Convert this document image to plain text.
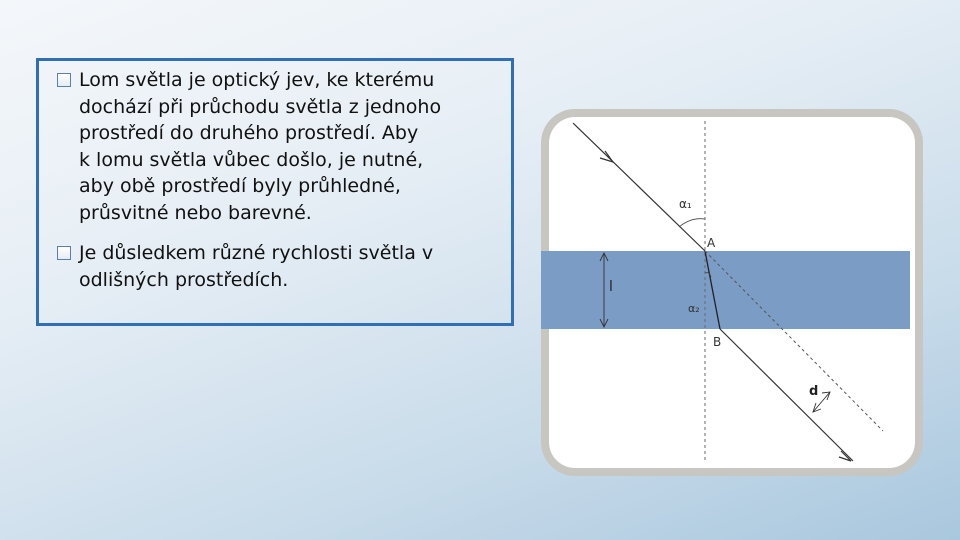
Lom světla je optický jev, ke kterému
dochází při průchodu světla z jednoho
prostředí do druhého prostředí. Aby
k lomu světla vůbec došlo, je nutné,
aby obě prostředí byly průhledné,
průsvitné nebo barevné.
Je důsledkem různé rychlosti světla v
odlišných prostředích.
α₁
A
α₂
B
l
d
